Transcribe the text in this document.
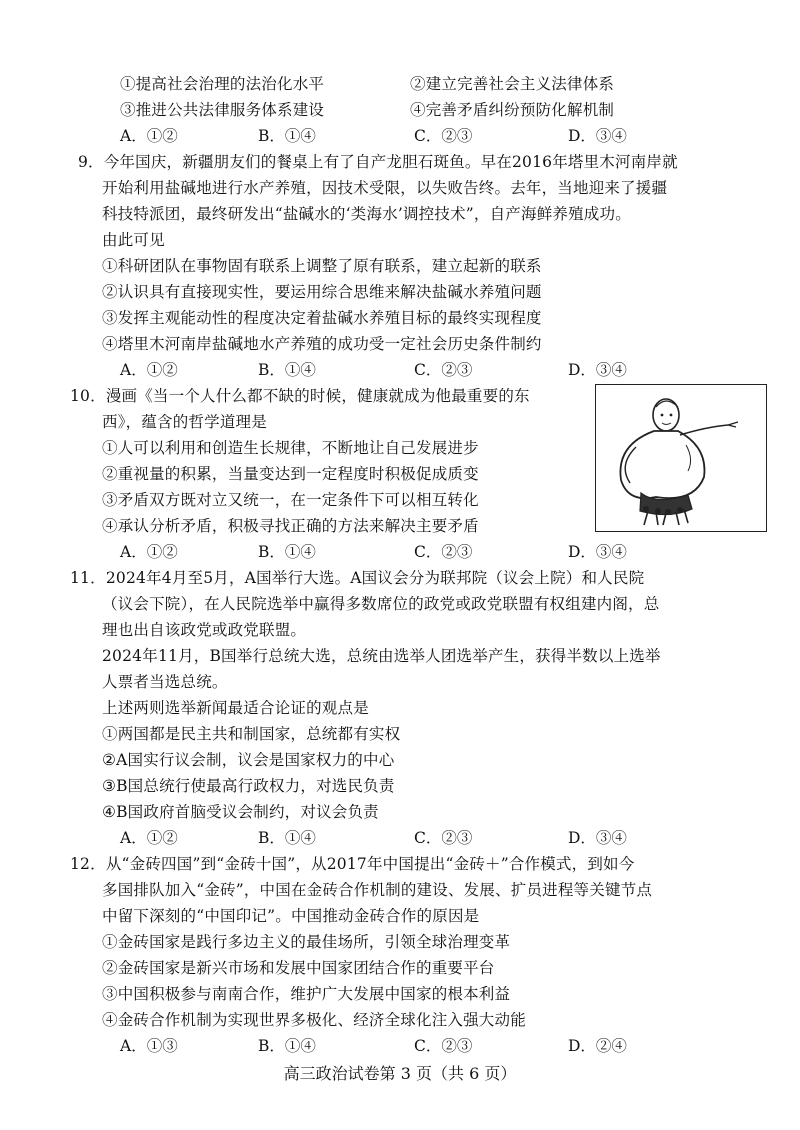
①提高社会治理的法治化水平	②建立完善社会主义法律体系
③推进公共法律服务体系建设	④完善矛盾纠纷预防化解机制
A．①②	B．①④	C．②③	D．③④
9．今年国庆，新疆朋友们的餐桌上有了自产龙胆石斑鱼。早在2016年塔里木河南岸就
开始利用盐碱地进行水产养殖，因技术受限，以失败告终。去年，当地迎来了援疆
科技特派团，最终研发出“盐碱水的‘类海水’调控技术”，自产海鲜养殖成功。
由此可见
①科研团队在事物固有联系上调整了原有联系，建立起新的联系
②认识具有直接现实性，要运用综合思维来解决盐碱水养殖问题
③发挥主观能动性的程度决定着盐碱水养殖目标的最终实现程度
④塔里木河南岸盐碱地水产养殖的成功受一定社会历史条件制约
A．①②	B．①④	C．②③	D．③④
10．漫画《当一个人什么都不缺的时候，健康就成为他最重要的东
西》，蕴含的哲学道理是
①人可以利用和创造生长规律，不断地让自己发展进步
②重视量的积累，当量变达到一定程度时积极促成质变
③矛盾双方既对立又统一，在一定条件下可以相互转化
④承认分析矛盾，积极寻找正确的方法来解决主要矛盾
A．①②	B．①④	C．②③	D．③④
11．2024年4月至5月，A国举行大选。A国议会分为联邦院（议会上院）和人民院
（议会下院），在人民院选举中赢得多数席位的政党或政党联盟有权组建内阁，总
理也出自该政党或政党联盟。
2024年11月，B国举行总统大选，总统由选举人团选举产生，获得半数以上选举
人票者当选总统。
上述两则选举新闻最适合论证的观点是
①两国都是民主共和制国家，总统都有实权
②A国实行议会制，议会是国家权力的中心
③B国总统行使最高行政权力，对选民负责
④B国政府首脑受议会制约，对议会负责
A．①②	B．①④	C．②③	D．③④
12．从“金砖四国”到“金砖十国”，从2017年中国提出“金砖＋”合作模式，到如今
多国排队加入“金砖”，中国在金砖合作机制的建设、发展、扩员进程等关键节点
中留下深刻的“中国印记”。中国推动金砖合作的原因是
①金砖国家是践行多边主义的最佳场所，引领全球治理变革
②金砖国家是新兴市场和发展中国家团结合作的重要平台
③中国积极参与南南合作，维护广大发展中国家的根本利益
④金砖合作机制为实现世界多极化、经济全球化注入强大动能
A．①③	B．①④	C．②③	D．②④
高三政治试卷第 3 页（共 6 页）
